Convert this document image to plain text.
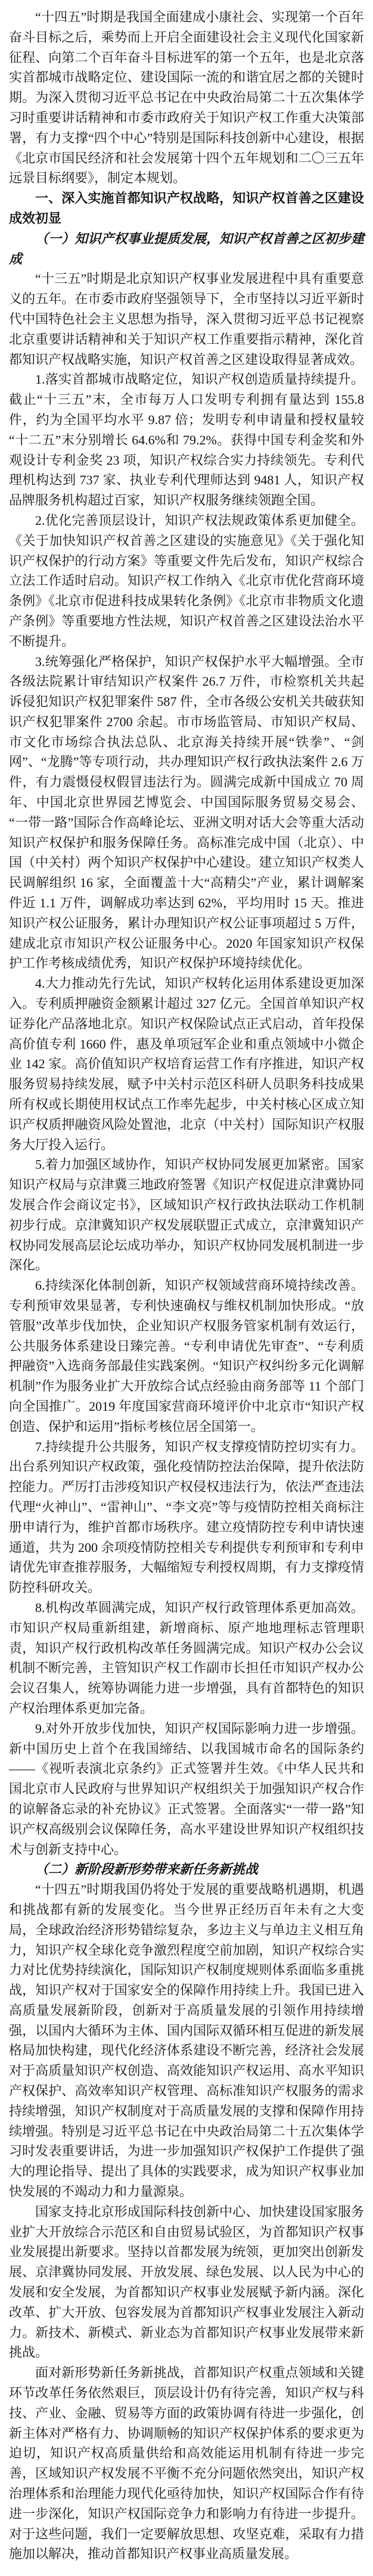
“十四五”时期是我国全面建成小康社会、实现第一个百年奋斗目标之后，乘势而上开启全面建设社会主义现代化国家新征程、向第二个百年奋斗目标进军的第一个五年，也是北京落实首都城市战略定位、建设国际一流的和谐宜居之都的关键时期。为深入贯彻习近平总书记在中央政治局第二十五次集体学习时重要讲话精神和市委市政府关于知识产权工作重大决策部署，有力支撑“四个中心”特别是国际科技创新中心建设，根据《北京市国民经济和社会发展第十四个五年规划和二〇三五年远景目标纲要》，制定本规划。

一、深入实施首都知识产权战略，知识产权首善之区建设成效初显

（一）知识产权事业提质发展，知识产权首善之区初步建成

“十三五”时期是北京知识产权事业发展进程中具有重要意义的五年。在市委市政府坚强领导下，全市坚持以习近平新时代中国特色社会主义思想为指导，深入贯彻习近平总书记视察北京重要讲话精神和关于知识产权工作重要指示精神，深化首都知识产权战略实施，知识产权首善之区建设取得显著成效。

1.落实首都城市战略定位，知识产权创造质量持续提升。截止“十三五”末，全市每万人口发明专利拥有量达到 155.8 件，约为全国平均水平 9.87 倍；发明专利申请量和授权量较“十二五”末分别增长 64.6%和 79.2%。获得中国专利金奖和外观设计专利金奖 23 项，知识产权综合实力持续领先。专利代理机构达到 737 家、执业专利代理师达到 9481 人，知识产权品牌服务机构超过百家，知识产权服务继续领跑全国。

2.优化完善顶层设计，知识产权法规政策体系更加健全。《关于加快知识产权首善之区建设的实施意见》《关于强化知识产权保护的行动方案》等重要文件先后发布，知识产权综合立法工作适时启动。知识产权工作纳入《北京市优化营商环境条例》《北京市促进科技成果转化条例》《北京市非物质文化遗产条例》等重要地方性法规，知识产权首善之区建设法治水平不断提升。

3.统筹强化严格保护，知识产权保护水平大幅增强。全市各级法院累计审结知识产权案件 26.7 万件，市检察机关共起诉侵犯知识产权犯罪案件 587 件，全市各级公安机关共破获知识产权犯罪案件 2700 余起。市市场监管局、市知识产权局、市文化市场综合执法总队、北京海关持续开展“铁拳”、“剑网”、“龙腾”等专项行动，共办理知识产权行政执法案件 2.6 万件，有力震慑侵权假冒违法行为。圆满完成新中国成立 70 周年、中国北京世界园艺博览会、中国国际服务贸易交易会、“一带一路”国际合作高峰论坛、亚洲文明对话大会等重大活动知识产权保护和服务保障任务。高标准完成中国（北京）、中国（中关村）两个知识产权保护中心建设。建立知识产权类人民调解组织 16 家，全面覆盖十大“高精尖”产业，累计调解案件近 1.1 万件，调解成功率达到 62%，平均用时 15 天。推进知识产权公证服务，累计办理知识产权公证事项超过 5 万件，建成北京市知识产权公证服务中心。2020 年国家知识产权保护工作考核成绩优秀，知识产权保护环境持续优化。

4.大力推动先行先试，知识产权转化运用体系建设更加深入。专利质押融资金额累计超过 327 亿元。全国首单知识产权证券化产品落地北京。知识产权保险试点正式启动，首年投保高价值专利 1660 件，惠及单项冠军企业和重点领域中小微企业 142 家。高价值知识产权培育运营工作有序推进，知识产权服务贸易持续发展，赋予中关村示范区科研人员职务科技成果所有权或长期使用权试点工作率先起步，中关村核心区成立知识产权质押融资风险处置池，北京（中关村）国际知识产权服务大厅投入运行。

5.着力加强区域协作，知识产权协同发展更加紧密。国家知识产权局与京津冀三地政府签署《知识产权促进京津冀协同发展合作会商议定书》，区域知识产权行政执法联动工作机制初步行成。京津冀知识产权发展联盟正式成立，京津冀知识产权协同发展高层论坛成功举办，知识产权协同发展机制进一步深化。

6.持续深化体制创新，知识产权领域营商环境持续改善。专利预审效果显著，专利快速确权与维权机制加快形成。“放管服”改革步伐加快，企业知识产权服务管家机制有效运行，公共服务体系建设日臻完善。“专利申请优先审查”、“专利质押融资”入选商务部最佳实践案例。“知识产权纠纷多元化调解机制”作为服务业扩大开放综合试点经验由商务部等 11 个部门向全国推广。2019 年度国家营商环境评价中北京市“知识产权创造、保护和运用”指标考核位居全国第一。

7.持续提升公共服务，知识产权支撑疫情防控切实有力。出台系列知识产权政策，强化疫情防控法治保障，提升依法防控能力。严厉打击涉疫知识产权侵权违法行为，依法严查违法代理“火神山”、“雷神山”、“李文亮”等与疫情防控相关商标注册申请行为，维护首都市场秩序。建立疫情防控专利申请快速通道，共为 200 余项疫情防控相关专利提供专利预审和专利申请优先审查推荐服务，大幅缩短专利授权周期，有力支撑疫情防控科研攻关。

8.机构改革圆满完成，知识产权行政管理体系更加高效。市知识产权局重新组建，新增商标、原产地地理标志管理职责，知识产权行政机构改革任务圆满完成。知识产权办公会议机制不断完善，主管知识产权工作副市长担任市知识产权办公会议召集人，统筹协调能力进一步增强，具有首都特色的知识产权治理体系更加完备。

9.对外开放步伐加快，知识产权国际影响力进一步增强。新中国历史上首个在我国缔结、以我国城市命名的国际条约——《视听表演北京条约》正式签署并生效。《中华人民共和国北京市人民政府与世界知识产权组织关于加强知识产权合作的谅解备忘录的补充协议》正式签署。全面落实“一带一路”知识产权高级别会议保障任务，高水平建设世界知识产权组织技术与创新支持中心。

（二）新阶段新形势带来新任务新挑战

“十四五”时期我国仍将处于发展的重要战略机遇期，机遇和挑战都有新的发展变化。当今世界正经历百年未有之大变局，全球政治经济形势错综复杂，多边主义与单边主义相互角力，知识产权全球化竞争激烈程度空前加剧，知识产权综合实力对比优势持续演化，国际知识产权制度规则体系面临多重挑战，知识产权对于国家安全的保障作用持续上升。我国已进入高质量发展新阶段，创新对于高质量发展的引领作用持续增强，以国内大循环为主体、国内国际双循环相互促进的新发展格局加快构建，现代化经济体系建设不断完善，经济社会发展对于高质量知识产权创造、高效能知识产权运用、高水平知识产权保护、高效率知识产权管理、高标准知识产权服务的需求持续增强，知识产权制度对于高质量发展的支撑和保障作用持续增强。特别是习近平总书记在中央政治局第二十五次集体学习时发表重要讲话，为进一步加强知识产权保护工作提供了强大的理论指导、提出了具体的实践要求，成为知识产权事业加快发展的不竭动力和力量源泉。

国家支持北京形成国际科技创新中心、加快建设国家服务业扩大开放综合示范区和自由贸易试验区，为首都知识产权事业发展提出新要求。坚持以首都发展为统领，更加突出创新发展、京津冀协同发展、开放发展、绿色发展、以人民为中心的发展和安全发展，为首都知识产权事业发展赋予新内涵。深化改革、扩大开放、包容发展为首都知识产权事业发展注入新动力。新技术、新模式、新业态为首都知识产权事业发展带来新挑战。

面对新形势新任务新挑战，首都知识产权重点领域和关键环节改革任务依然艰巨，顶层设计仍有待完善，知识产权与科技、产业、金融、贸易等方面的政策协调有待进一步强化，创新主体对严格有力、协调顺畅的知识产权保护体系的要求更为迫切，知识产权高质量供给和高效能运用机制有待进一步完善，区域知识产权发展不平衡不充分问题依然突出，知识产权治理体系和治理能力现代化亟待加快，知识产权国际合作有待进一步深化，知识产权国际竞争力和影响力有待进一步提升。对于这些问题，我们一定要解放思想、攻坚克难，采取有力措施加以解决，推动首都知识产权事业高质量发展。
